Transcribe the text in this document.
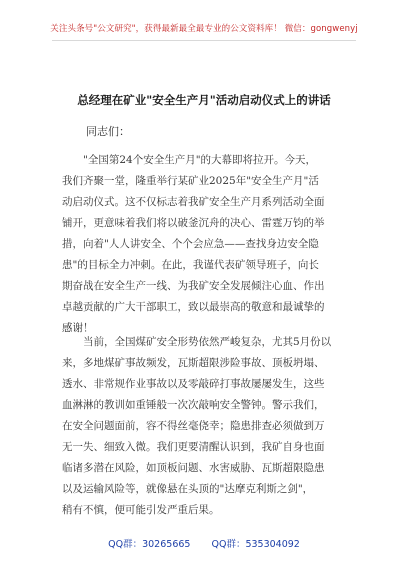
关注头条号"公文研究"，获得最新最全最专业的公文资料库！ 微信：gongwenyj
总经理在矿业"安全生产月"活动启动仪式上的讲话
同志们：
"全国第24个安全生产月"的大幕即将拉开。今天，
我们齐聚一堂，隆重举行某矿业2025年"安全生产月"活
动启动仪式。这不仅标志着我矿安全生产月系列活动全面
铺开，更意味着我们将以破釜沉舟的决心、雷霆万钧的举
措，向着"人人讲安全、个个会应急——查找身边安全隐
患"的目标全力冲刺。在此，我谨代表矿领导班子，向长
期奋战在安全生产一线、为我矿安全发展倾注心血、作出
卓越贡献的广大干部职工，致以最崇高的敬意和最诚挚的
感谢！
当前，全国煤矿安全形势依然严峻复杂，尤其5月份以
来，多地煤矿事故频发，瓦斯超限涉险事故、顶板坍塌、
透水、非常规作业事故以及零敲碎打事故屡屡发生，这些
血淋淋的教训如重锤般一次次敲响安全警钟。警示我们，
在安全问题面前，容不得丝毫侥幸；隐患排查必须做到万
无一失、细致入微。我们更要清醒认识到，我矿自身也面
临诸多潜在风险，如顶板问题、水害威胁、瓦斯超限隐患
以及运输风险等，就像悬在头顶的"达摩克利斯之剑"，
稍有不慎，便可能引发严重后果。
QQ群：30265665 QQ群：535304092
